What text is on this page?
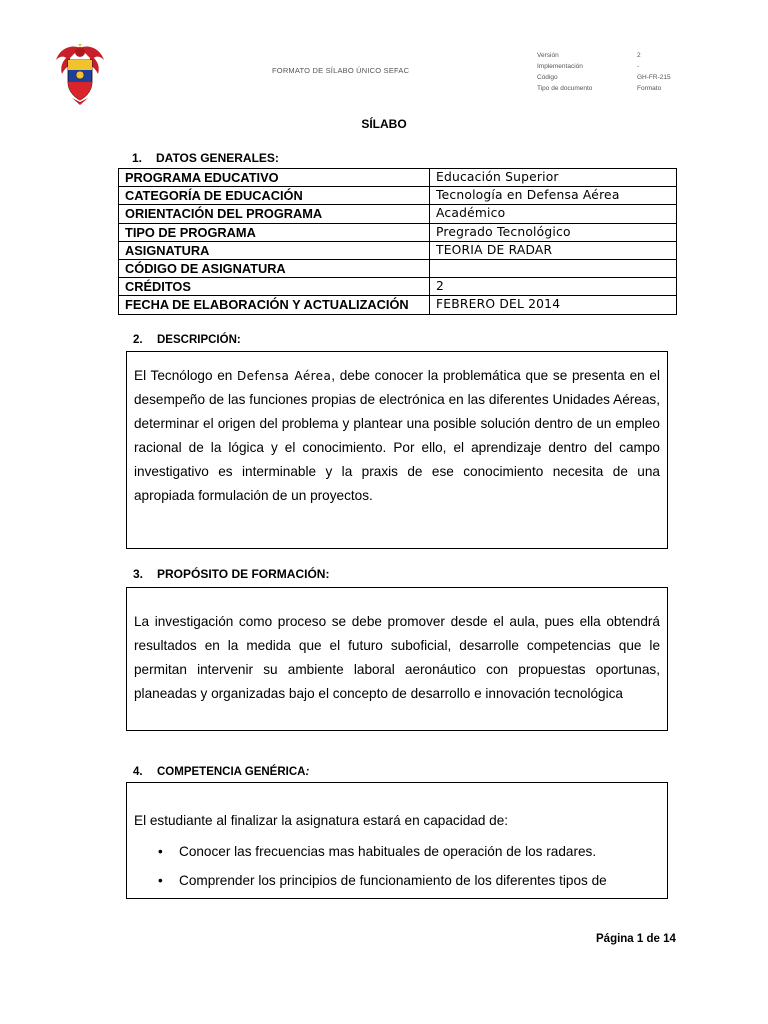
FORMATO DE SÍLABO ÚNICO SEFAC
Versión	2
Implementación	-
Código	GH-FR-215
Tipo de documento	Formato
SÍLABO
1. DATOS GENERALES:
PROGRAMA EDUCATIVO	Educación Superior
CATEGORÍA DE EDUCACIÓN	Tecnología en Defensa Aérea
ORIENTACIÓN DEL PROGRAMA	Académico
TIPO DE PROGRAMA	Pregrado Tecnológico
ASIGNATURA	TEORIA DE RADAR
CÓDIGO DE ASIGNATURA	
CRÉDITOS	2
FECHA DE ELABORACIÓN Y ACTUALIZACIÓN	FEBRERO DEL 2014
2. DESCRIPCIÓN:

El Tecnólogo en Defensa Aérea, debe conocer la problemática que se presenta en el desempeño de las funciones propias de electrónica en las diferentes Unidades Aéreas, determinar el origen del problema y plantear una posible solución dentro de un empleo racional de la lógica y el conocimiento. Por ello, el aprendizaje dentro del campo investigativo es interminable y la praxis de ese conocimiento necesita de una apropiada formulación de un proyectos.

3. PROPÓSITO DE FORMACIÓN:

La investigación como proceso se debe promover desde el aula, pues ella obtendrá resultados en la medida que el futuro suboficial, desarrolle competencias que le permitan intervenir su ambiente laboral aeronáutico con propuestas oportunas, planeadas y organizadas bajo el concepto de desarrollo e innovación tecnológica

4. COMPETENCIA GENÉRICA:

El estudiante al finalizar la asignatura estará en capacidad de:

• Conocer las frecuencias mas habituales de operación de los radares.
• Comprender los principios de funcionamiento de los diferentes tipos de
Página 1 de 14
